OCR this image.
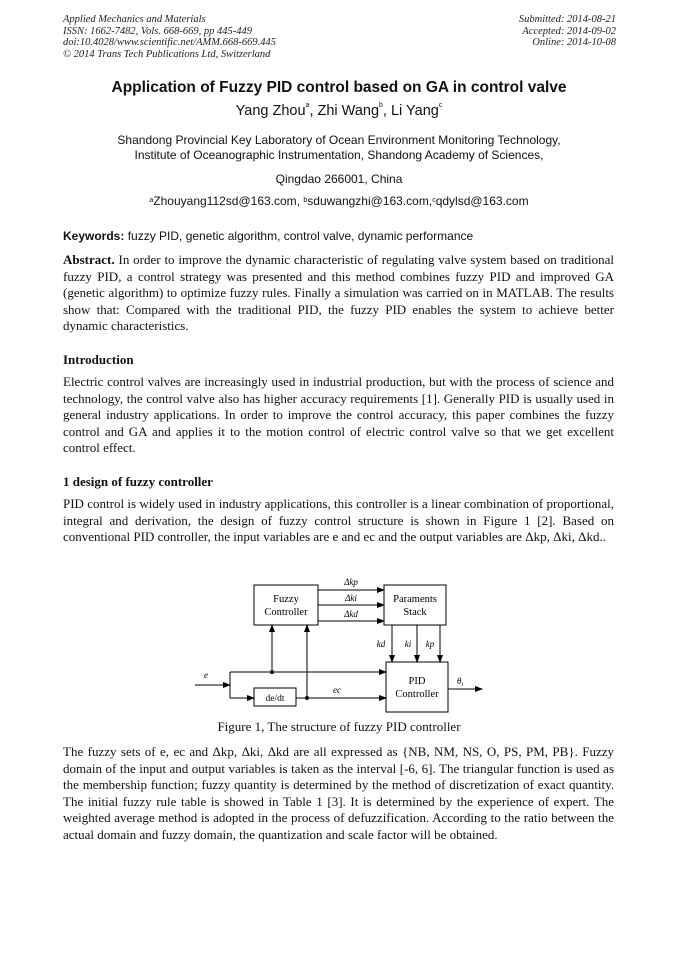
Applied Mechanics and Materials
ISSN: 1662-7482, Vols. 668-669, pp 445-449
doi:10.4028/www.scientific.net/AMM.668-669.445
© 2014 Trans Tech Publications Ltd, Switzerland
Submitted: 2014-08-21
Accepted: 2014-09-02
Online: 2014-10-08
Application of Fuzzy PID control based on GA in control valve
Yang Zhou$^a$, Zhi Wang$^b$, Li Yang$^c$
Shandong Provincial Key Laboratory of Ocean Environment Monitoring Technology,
Institute of Oceanographic Instrumentation, Shandong Academy of Sciences,
Qingdao 266001, China
$^a$Zhouyang112sd@163.com, $^b$sduwangzhi@163.com,$^c$qdylsd@163.com
Keywords: fuzzy PID, genetic algorithm, control valve, dynamic performance
Abstract. In order to improve the dynamic characteristic of regulating valve system based on traditional fuzzy PID, a control strategy was presented and this method combines fuzzy PID and improved GA (genetic algorithm) to optimize fuzzy rules. Finally a simulation was carried on in MATLAB. The results show that: Compared with the traditional PID, the fuzzy PID enables the system to achieve better dynamic characteristics.
Introduction
Electric control valves are increasingly used in industrial production, but with the process of science and technology, the control valve also has higher accuracy requirements [1]. Generally PID is usually used in general industry applications. In order to improve the control accuracy, this paper combines the fuzzy control and GA and applies it to the motion control of electric control valve so that we get excellent control effect.
1 design of fuzzy controller
PID control is widely used in industry applications, this controller is a linear combination of proportional, integral and derivation, the design of fuzzy control structure is shown in Figure 1 [2]. Based on conventional PID controller, the input variables are e and ec and the output variables are Δkp, Δki, Δkd..
Fuzzy
Controller
Paraments
Stack
PID
Controller
de/dt
Δkp
Δki
Δkd
kd ki kp
e
ec
$\theta_i$
Figure 1, The structure of fuzzy PID controller
The fuzzy sets of e, ec and Δkp, Δki, Δkd are all expressed as {NB, NM, NS, O, PS, PM, PB}. Fuzzy domain of the input and output variables is taken as the interval [-6, 6]. The triangular function is used as the membership function; fuzzy quantity is determined by the method of discretization of exact quantity. The initial fuzzy rule table is showed in Table 1 [3]. It is determined by the experience of expert. The weighted average method is adopted in the process of defuzzification. According to the ratio between the actual domain and fuzzy domain, the quantization and scale factor will be obtained.
